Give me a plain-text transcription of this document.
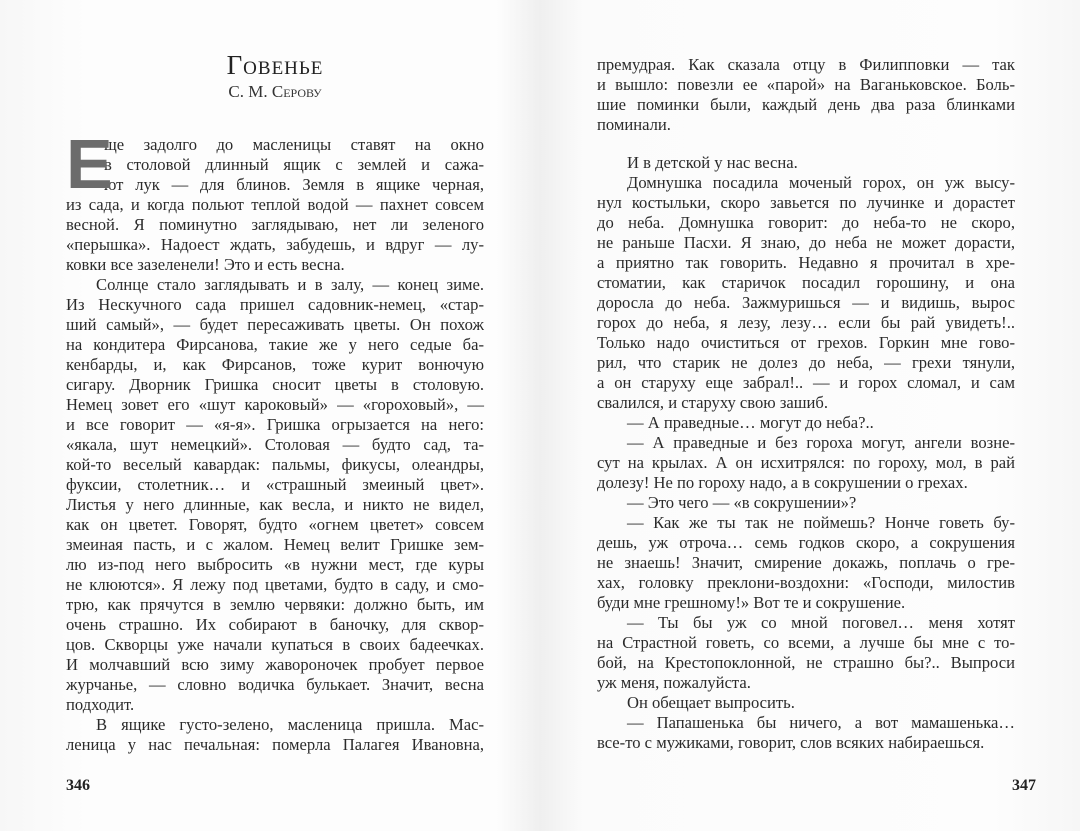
Говенье
С. М. Серову
Е
ще задолго до масленицы ставят на окно
в столовой длинный ящик с землей и сажа-
ют лук — для блинов. Земля в ящике черная,
из сада, и когда польют теплой водой — пахнет совсем
весной. Я поминутно заглядываю, нет ли зеленого
«перышка». Надоест ждать, забудешь, и вдруг — лу-
ковки все зазеленели! Это и есть весна.
Солнце стало заглядывать и в залу, — конец зиме.
Из Нескучного сада пришел садовник-немец, «стар-
ший самый», — будет пересаживать цветы. Он похож
на кондитера Фирсанова, такие же у него седые ба-
кенбарды, и, как Фирсанов, тоже курит вонючую
сигару. Дворник Гришка сносит цветы в столовую.
Немец зовет его «шут кароковый» — «гороховый», —
и все говорит — «я-я». Гришка огрызается на него:
«якала, шут немецкий». Столовая — будто сад, та-
кой-то веселый кавардак: пальмы, фикусы, олеандры,
фуксии, столетник… и «страшный змеиный цвет».
Листья у него длинные, как весла, и никто не видел,
как он цветет. Говорят, будто «огнем цветет» совсем
змеиная пасть, и с жалом. Немец велит Гришке зем-
лю из-под него выбросить «в нужни мест, где куры
не клюются». Я лежу под цветами, будто в саду, и смо-
трю, как прячутся в землю червяки: должно быть, им
очень страшно. Их собирают в баночку, для сквор-
цов. Скворцы уже начали купаться в своих бадеечках.
И молчавший всю зиму жавороночек пробует первое
журчанье, — словно водичка булькает. Значит, весна
подходит.
В ящике густо-зелено, масленица пришла. Мас-
леница у нас печальная: померла Палагея Ивановна,
346
премудрая. Как сказала отцу в Филипповки — так
и вышло: повезли ее «парой» на Ваганьковское. Боль-
шие поминки были, каждый день два раза блинками
поминали.
И в детской у нас весна.
Домнушка посадила моченый горох, он уж высу-
нул костыльки, скоро завьется по лучинке и дорастет
до неба. Домнушка говорит: до неба-то не скоро,
не раньше Пасхи. Я знаю, до неба не может дорасти,
а приятно так говорить. Недавно я прочитал в хре-
стоматии, как старичок посадил горошину, и она
доросла до неба. Зажмуришься — и видишь, вырос
горох до неба, я лезу, лезу… если бы рай увидеть!..
Только надо очиститься от грехов. Горкин мне гово-
рил, что старик не долез до неба, — грехи тянули,
а он старуху еще забрал!.. — и горох сломал, и сам
свалился, и старуху свою зашиб.
— А праведные… могут до неба?..
— А праведные и без гороха могут, ангели возне-
сут на крылах. А он исхитрялся: по гороху, мол, в рай
долезу! Не по гороху надо, а в сокрушении о грехах.
— Это чего — «в сокрушении»?
— Как же ты так не поймешь? Нонче говеть бу-
дешь, уж отроча… семь годков скоро, а сокрушения
не знаешь! Значит, смирение докажь, поплачь о гре-
хах, головку преклони-воздохни: «Господи, милостив
буди мне грешному!» Вот те и сокрушение.
— Ты бы уж со мной поговел… меня хотят
на Страстной говеть, со всеми, а лучше бы мне с то-
бой, на Крестопоклонной, не страшно бы?.. Выпроси
уж меня, пожалуйста.
Он обещает выпросить.
— Папашенька бы ничего, а вот мамашенька…
все-то с мужиками, говорит, слов всяких набираешься.
347
